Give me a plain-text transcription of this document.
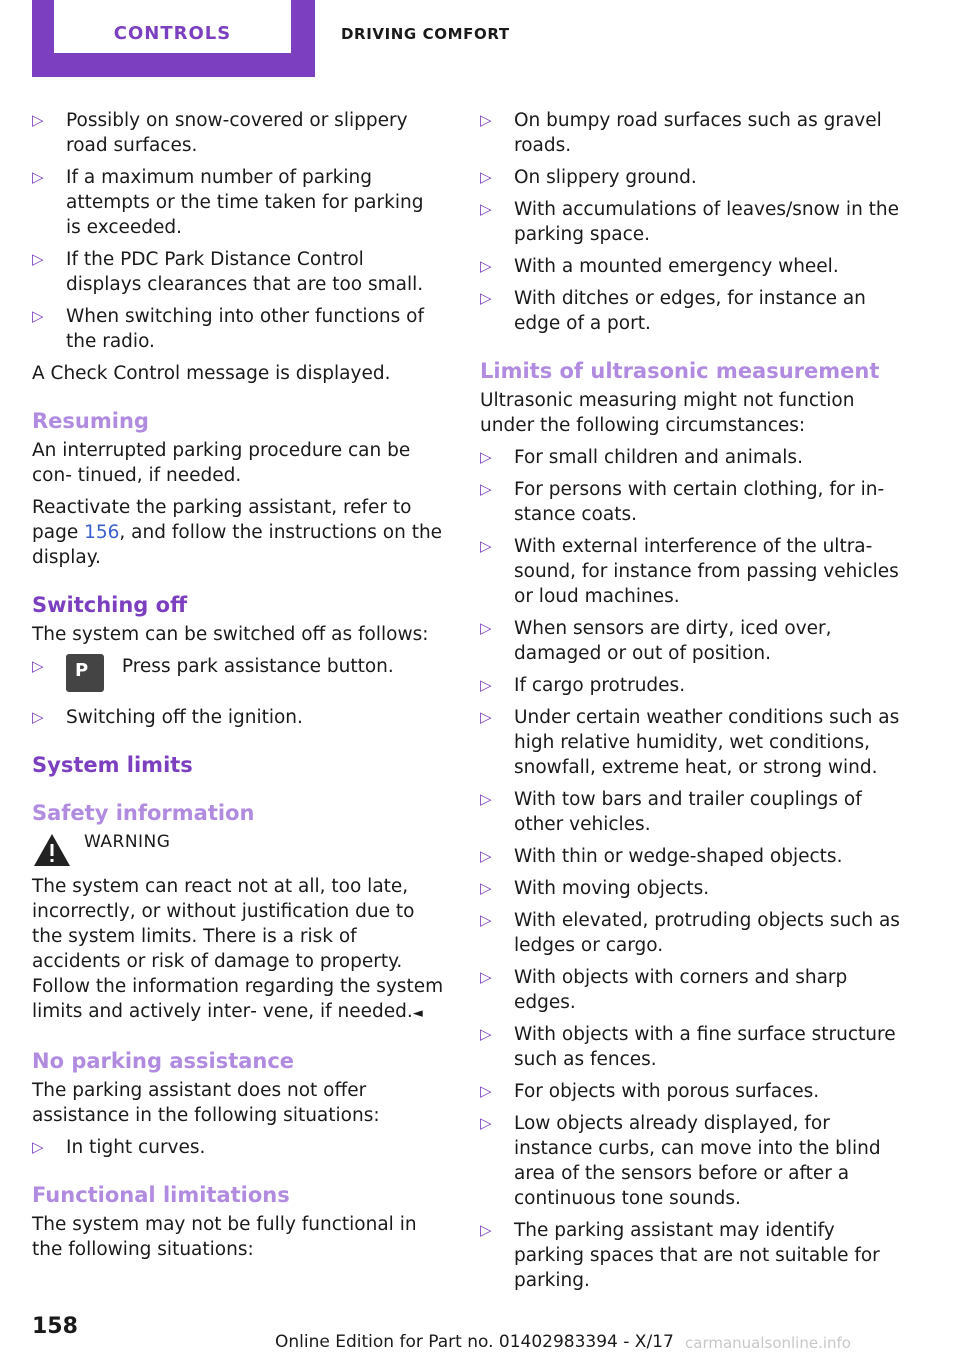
CONTROLS	DRIVING COMFORT
▷ Possibly on snow-covered or slippery road surfaces.
▷ If a maximum number of parking attempts or the time taken for parking is exceeded.
▷ If the PDC Park Distance Control displays clearances that are too small.
▷ When switching into other functions of the radio.

A Check Control message is displayed.

Resuming

An interrupted parking procedure can be con‐ tinued, if needed.

Reactivate the parking assistant, refer to page 156, and follow the instructions on the display.

Switching off

The system can be switched off as follows:

▷ P Press park assistance button.
▷ Switching off the ignition.
System limits
Safety information
WARNING

The system can react not at all, too late, incorrectly, or without justification due to the system limits. There is a risk of accidents or risk of damage to property. Follow the information regarding the system limits and actively inter‐ vene, if needed.◄

No parking assistance

The parking assistant does not offer assistance in the following situations:

▷ In tight curves.
Functional limitations

The system may not be fully functional in the following situations:

▷ On bumpy road surfaces such as gravel roads.
▷ On slippery ground.
▷ With accumulations of leaves/snow in the parking space.
▷ With a mounted emergency wheel.
▷ With ditches or edges, for instance an edge of a port.
Limits of ultrasonic measurement

Ultrasonic measuring might not function under the following circumstances:

▷ For small children and animals.
▷ For persons with certain clothing, for in‐ stance coats.
▷ With external interference of the ultra‐ sound, for instance from passing vehicles or loud machines.
▷ When sensors are dirty, iced over, damaged or out of position.
▷ If cargo protrudes.
▷ Under certain weather conditions such as high relative humidity, wet conditions, snowfall, extreme heat, or strong wind.
▷ With tow bars and trailer couplings of other vehicles.
▷ With thin or wedge-shaped objects.
▷ With moving objects.
▷ With elevated, protruding objects such as ledges or cargo.
▷ With objects with corners and sharp edges.
▷ With objects with a fine surface structure such as fences.
▷ For objects with porous surfaces.
▷ Low objects already displayed, for instance curbs, can move into the blind area of the sensors before or after a continuous tone sounds.
▷ The parking assistant may identify parking spaces that are not suitable for parking.
158
Online Edition for Part no. 01402983394 - X/17 carmanualsonline.info
